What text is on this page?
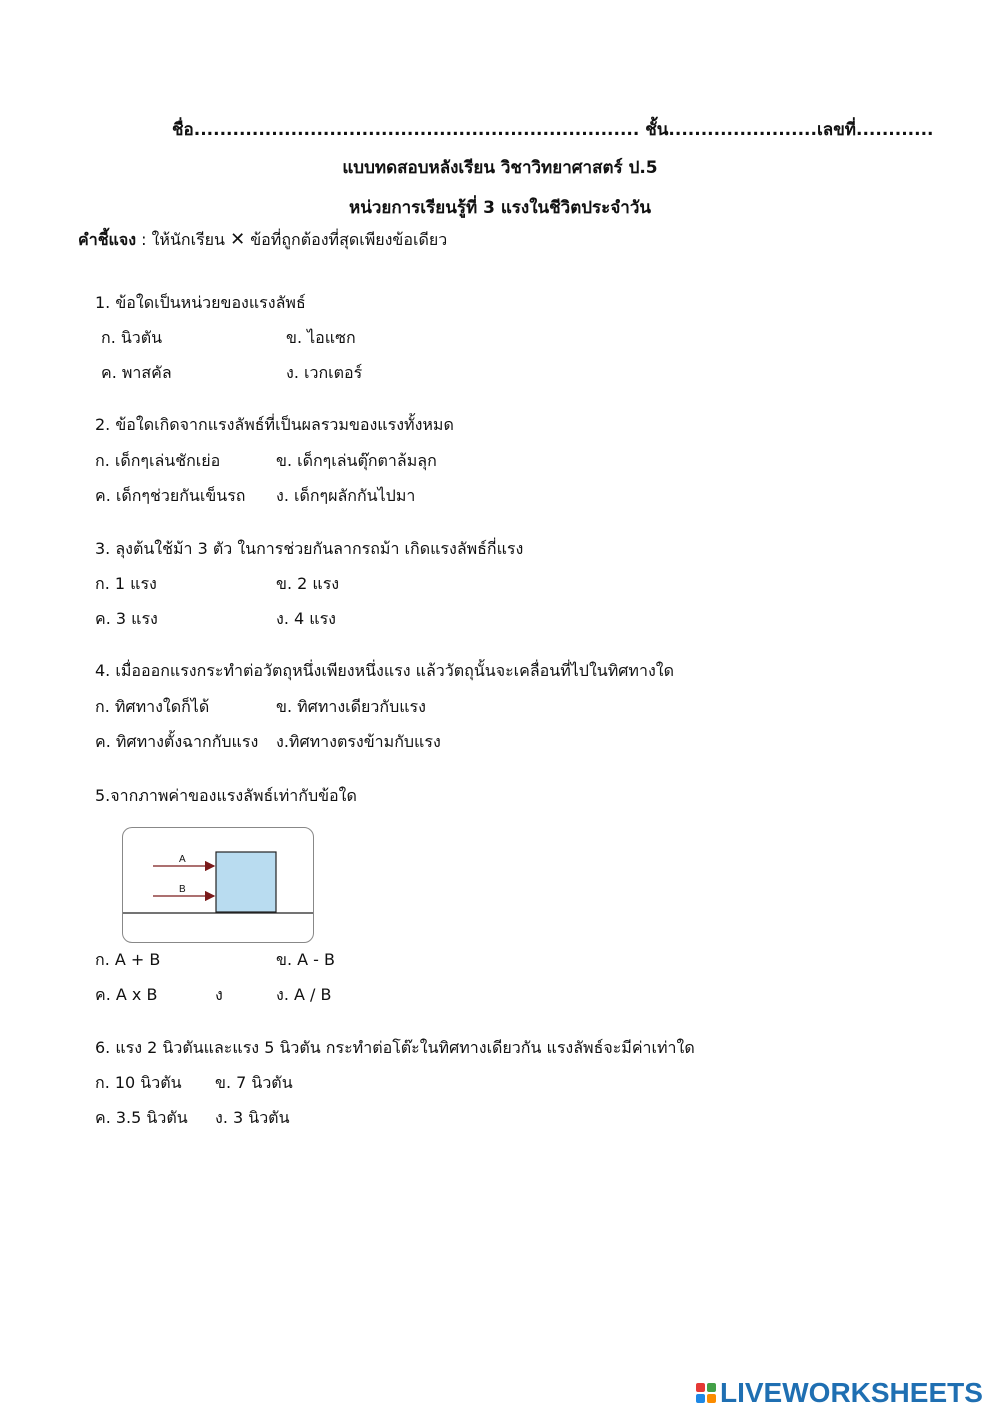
ชื่อ..................................................................... ชั้น.......................เลขที่............
แบบทดสอบหลังเรียน วิชาวิทยาศาสตร์ ป.5
หน่วยการเรียนรู้ที่ 3 แรงในชีวิตประจำวัน
คำชี้แจง : ให้นักเรียน ✕ ข้อที่ถูกต้องที่สุดเพียงข้อเดียว
1. ข้อใดเป็นหน่วยของแรงลัพธ์
ก. นิวตัน	ข. ไอแซก
ค. พาสคัล	ง. เวกเตอร์
2. ข้อใดเกิดจากแรงลัพธ์ที่เป็นผลรวมของแรงทั้งหมด
ก. เด็กๆเล่นชักเย่อ	ข. เด็กๆเล่นตุ๊กตาล้มลุก
ค. เด็กๆช่วยกันเข็นรถ ง. เด็กๆผลักกันไปมา
3. ลุงต้นใช้ม้า 3 ตัว ในการช่วยกันลากรถม้า เกิดแรงลัพธ์กี่แรง
ก. 1 แรง	ข. 2 แรง
ค. 3 แรง	ง. 4 แรง
4. เมื่อออกแรงกระทำต่อวัตถุหนึ่งเพียงหนึ่งแรง แล้ววัตถุนั้นจะเคลื่อนที่ไปในทิศทางใด
ก. ทิศทางใดก็ได้	ข. ทิศทางเดียวกับแรง
ค. ทิศทางตั้งฉากกับแรง ง.ทิศทางตรงข้ามกับแรง
5.จากภาพค่าของแรงลัพธ์เท่ากับข้อใด
A
B
ก. A + B	ข. A - B
ค. A x B	ง	ง. A / B
6. แรง 2 นิวตันและแรง 5 นิวตัน กระทำต่อโต๊ะในทิศทางเดียวกัน แรงลัพธ์จะมีค่าเท่าใด
ก. 10 นิวตัน ข. 7 นิวตัน
ค. 3.5 นิวตัน ง. 3 นิวตัน
LIVEWORKSHEETS
